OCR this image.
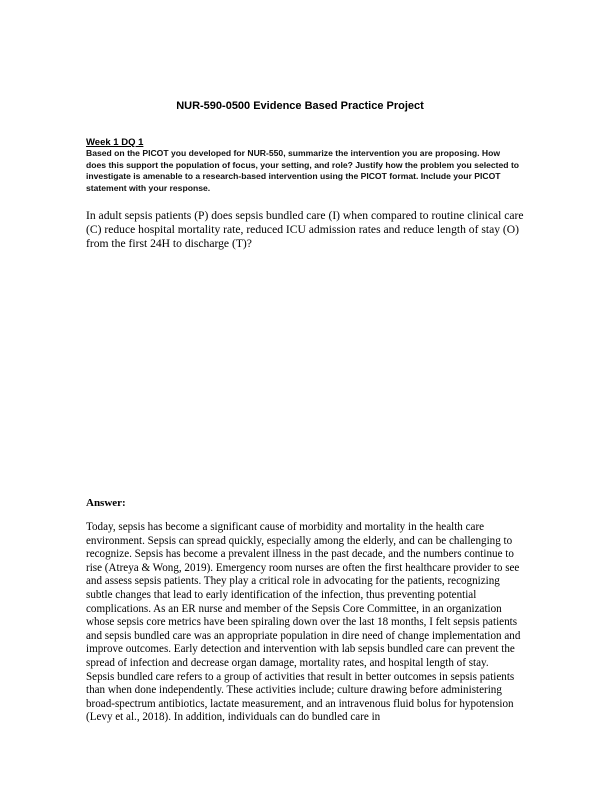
NUR-590-0500 Evidence Based Practice Project
Week 1 DQ 1

Based on the PICOT you developed for NUR-550, summarize the intervention you are proposing. How does this support the population of focus, your setting, and role? Justify how the problem you selected to investigate is amenable to a research-based intervention using the PICOT format. Include your PICOT statement with your response.

In adult sepsis patients (P) does sepsis bundled care (I) when compared to routine clinical care (C) reduce hospital mortality rate, reduced ICU admission rates and reduce length of stay (O) from the first 24H to discharge (T)?

Answer:

Today, sepsis has become a significant cause of morbidity and mortality in the health care environment. Sepsis can spread quickly, especially among the elderly, and can be challenging to recognize. Sepsis has become a prevalent illness in the past decade, and the numbers continue to rise (Atreya & Wong, 2019). Emergency room nurses are often the first healthcare provider to see and assess sepsis patients. They play a critical role in advocating for the patients, recognizing subtle changes that lead to early identification of the infection, thus preventing potential complications. As an ER nurse and member of the Sepsis Core Committee, in an organization whose sepsis core metrics have been spiraling down over the last 18 months, I felt sepsis patients and sepsis bundled care was an appropriate population in dire need of change implementation and improve outcomes. Early detection and intervention with lab sepsis bundled care can prevent the spread of infection and decrease organ damage, mortality rates, and hospital length of stay.

Sepsis bundled care refers to a group of activities that result in better outcomes in sepsis patients than when done independently. These activities include; culture drawing before administering broad-spectrum antibiotics, lactate measurement, and an intravenous fluid bolus for hypotension (Levy et al., 2018). In addition, individuals can do bundled care in
